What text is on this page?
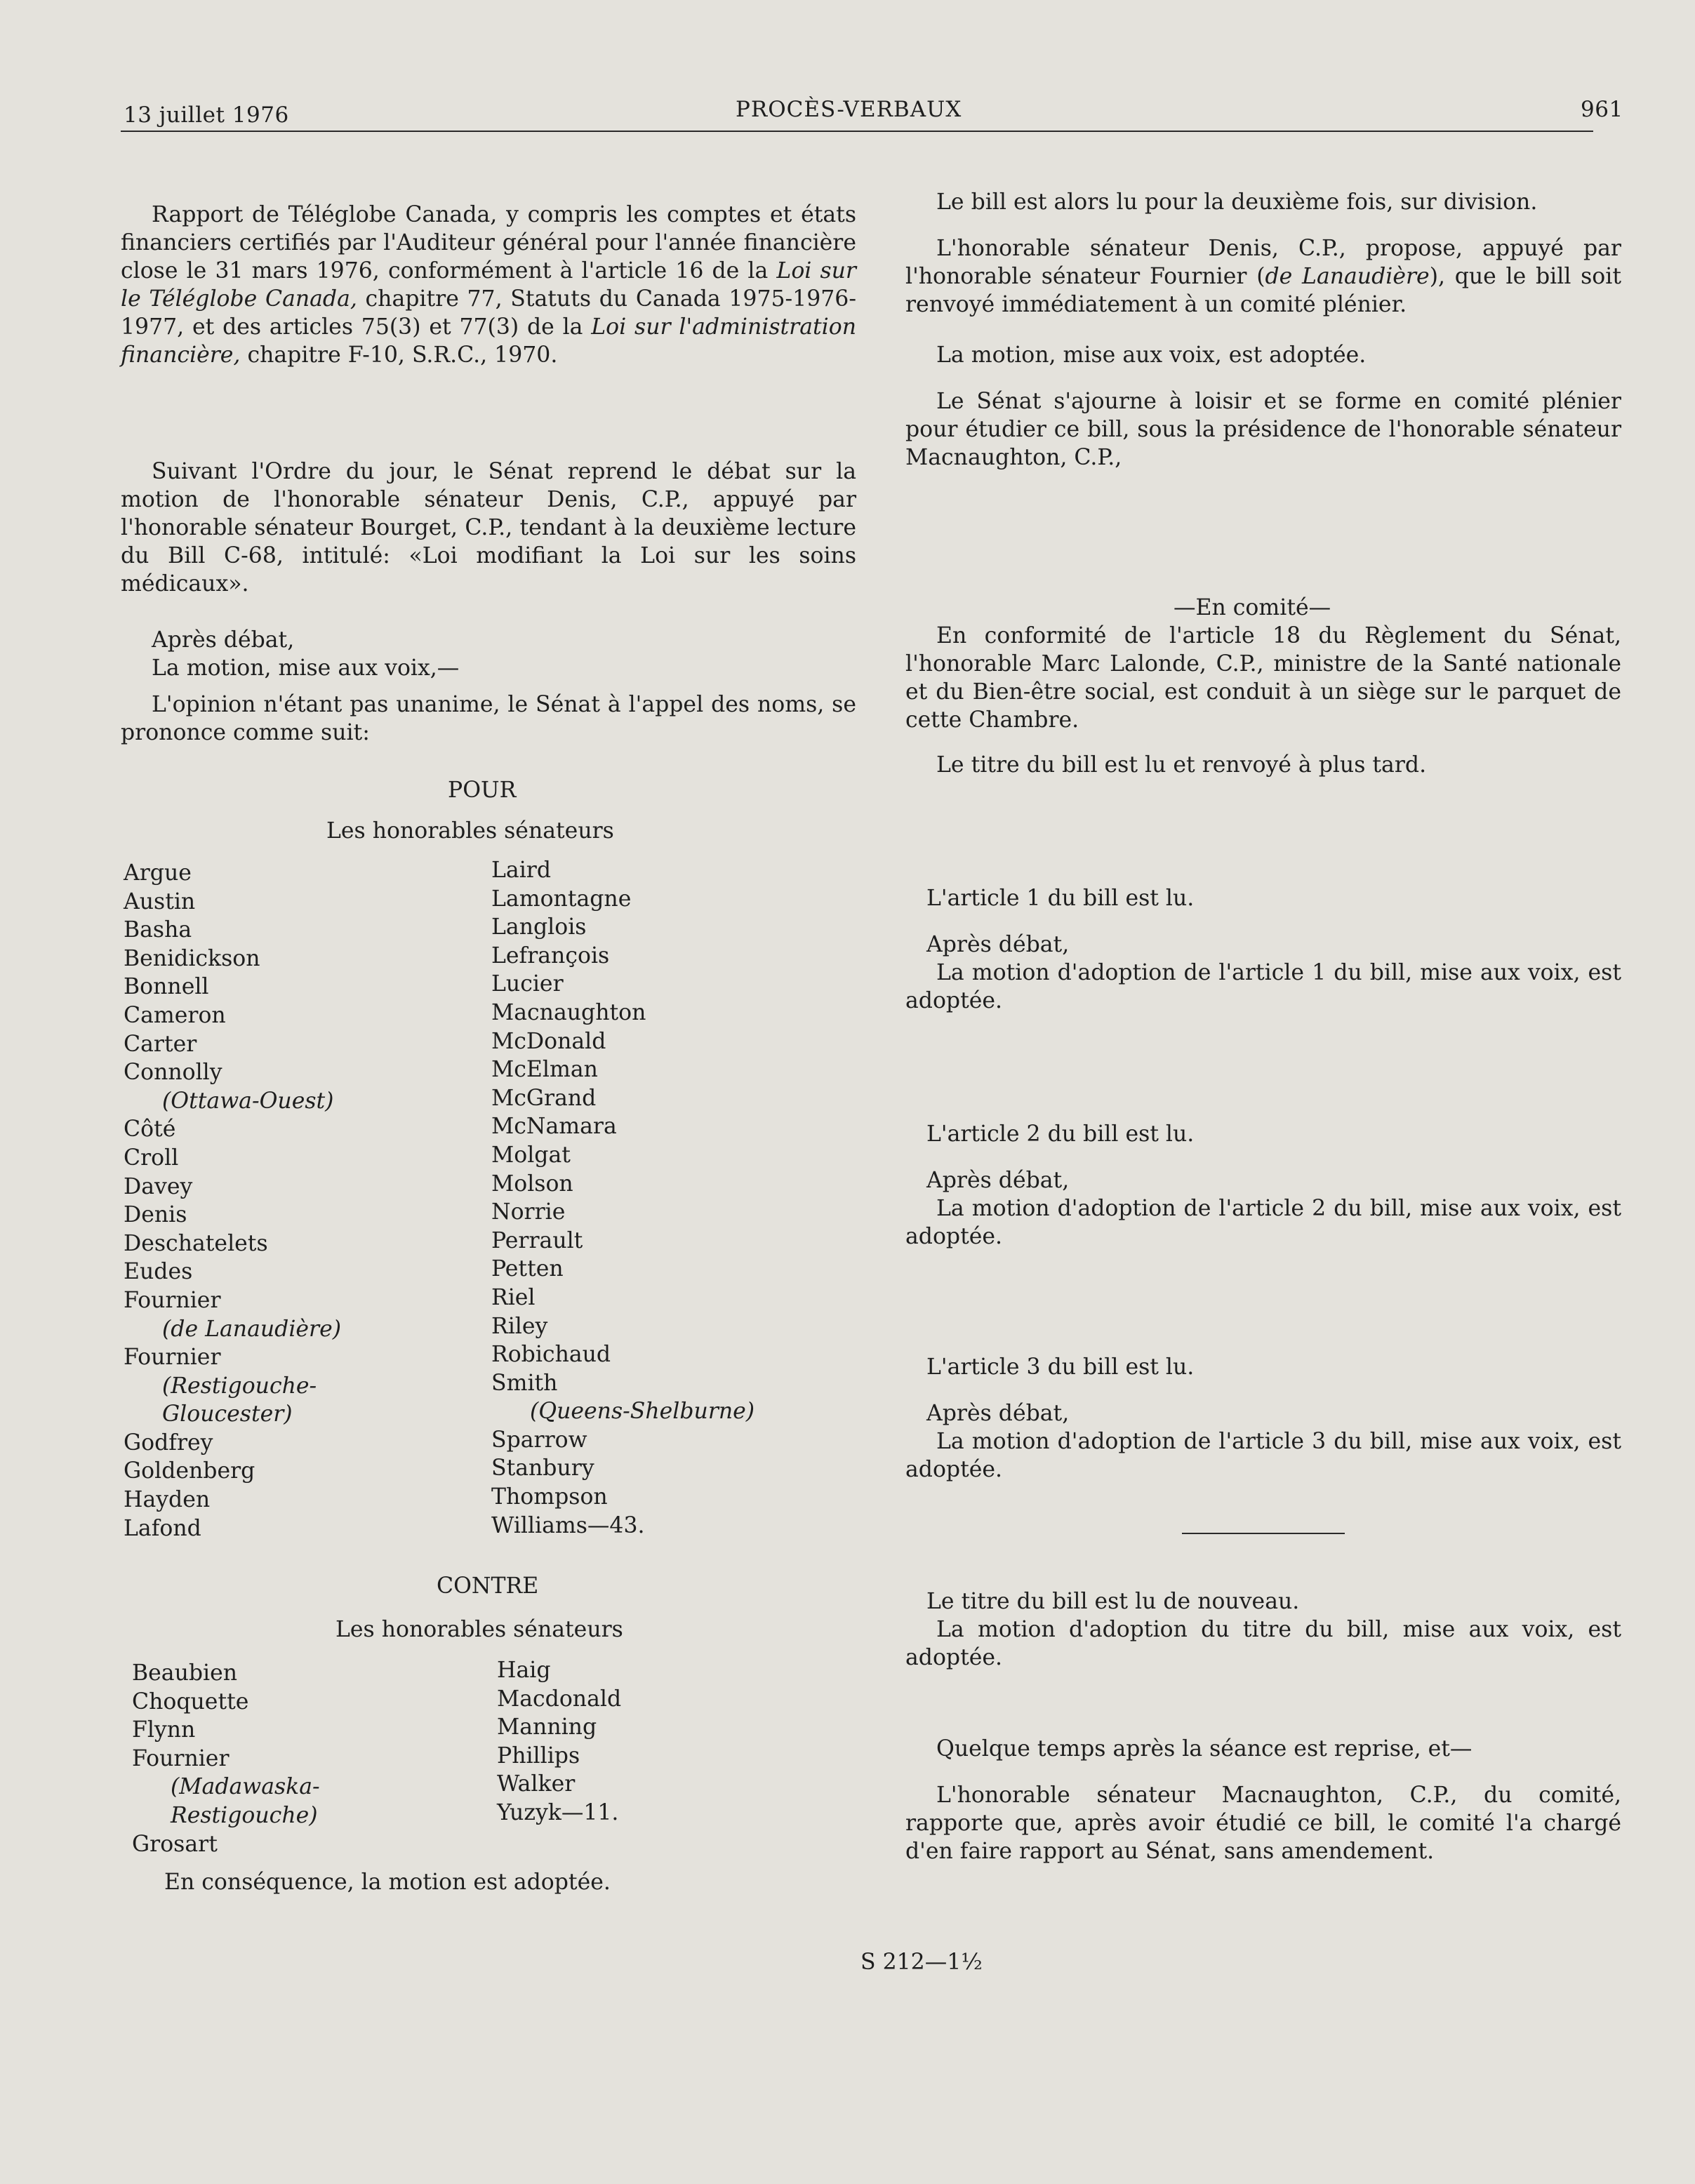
13 juillet 1976	PROCÈS-VERBAUX	961
Rapport de Téléglobe Canada, y compris les comptes et états financiers certifiés par l'Auditeur général pour l'année financière close le 31 mars 1976, conformément à l'article 16 de la Loi sur le Téléglobe Canada, chapitre 77, Statuts du Canada 1975-1976-1977, et des articles 75(3) et 77(3) de la Loi sur l'administration financière, chapitre F-10, S.R.C., 1970.
Suivant l'Ordre du jour, le Sénat reprend le débat sur la motion de l'honorable sénateur Denis, C.P., appuyé par l'honorable sénateur Bourget, C.P., tendant à la deuxième lecture du Bill C-68, intitulé: «Loi modifiant la Loi sur les soins médicaux».
Après débat,
La motion, mise aux voix,—
L'opinion n'étant pas unanime, le Sénat à l'appel des noms, se prononce comme suit:
POUR
Les honorables sénateurs
Argue
Austin
Basha
Benidickson
Bonnell
Cameron
Carter
Connolly
(Ottawa-Ouest)
Côté
Croll
Davey
Denis
Deschatelets
Eudes
Fournier
(de Lanaudière)
Fournier
(Restigouche-
Gloucester)
Godfrey
Goldenberg
Hayden
Lafond
Laird
Lamontagne
Langlois
Lefrançois
Lucier
Macnaughton
McDonald
McElman
McGrand
McNamara
Molgat
Molson
Norrie
Perrault
Petten
Riel
Riley
Robichaud
Smith
(Queens-Shelburne)
Sparrow
Stanbury
Thompson
Williams—43.
CONTRE
Les honorables sénateurs
Beaubien
Choquette
Flynn
Fournier
(Madawaska-
Restigouche)
Grosart
Haig
Macdonald
Manning
Phillips
Walker
Yuzyk—11.
En conséquence, la motion est adoptée.
Le bill est alors lu pour la deuxième fois, sur division.
L'honorable sénateur Denis, C.P., propose, appuyé par l'honorable sénateur Fournier (de Lanaudière), que le bill soit renvoyé immédiatement à un comité plénier.
La motion, mise aux voix, est adoptée.
Le Sénat s'ajourne à loisir et se forme en comité plénier pour étudier ce bill, sous la présidence de l'honorable sénateur Macnaughton, C.P.,
—En comité—
En conformité de l'article 18 du Règlement du Sénat, l'honorable Marc Lalonde, C.P., ministre de la Santé nationale et du Bien-être social, est conduit à un siège sur le parquet de cette Chambre.
Le titre du bill est lu et renvoyé à plus tard.
L'article 1 du bill est lu.
Après débat,
La motion d'adoption de l'article 1 du bill, mise aux voix, est adoptée.
L'article 2 du bill est lu.
Après débat,
La motion d'adoption de l'article 2 du bill, mise aux voix, est adoptée.
L'article 3 du bill est lu.
Après débat,
La motion d'adoption de l'article 3 du bill, mise aux voix, est adoptée.
Le titre du bill est lu de nouveau.
La motion d'adoption du titre du bill, mise aux voix, est adoptée.
Quelque temps après la séance est reprise, et—
L'honorable sénateur Macnaughton, C.P., du comité, rapporte que, après avoir étudié ce bill, le comité l'a chargé d'en faire rapport au Sénat, sans amendement.
S 212—1½
